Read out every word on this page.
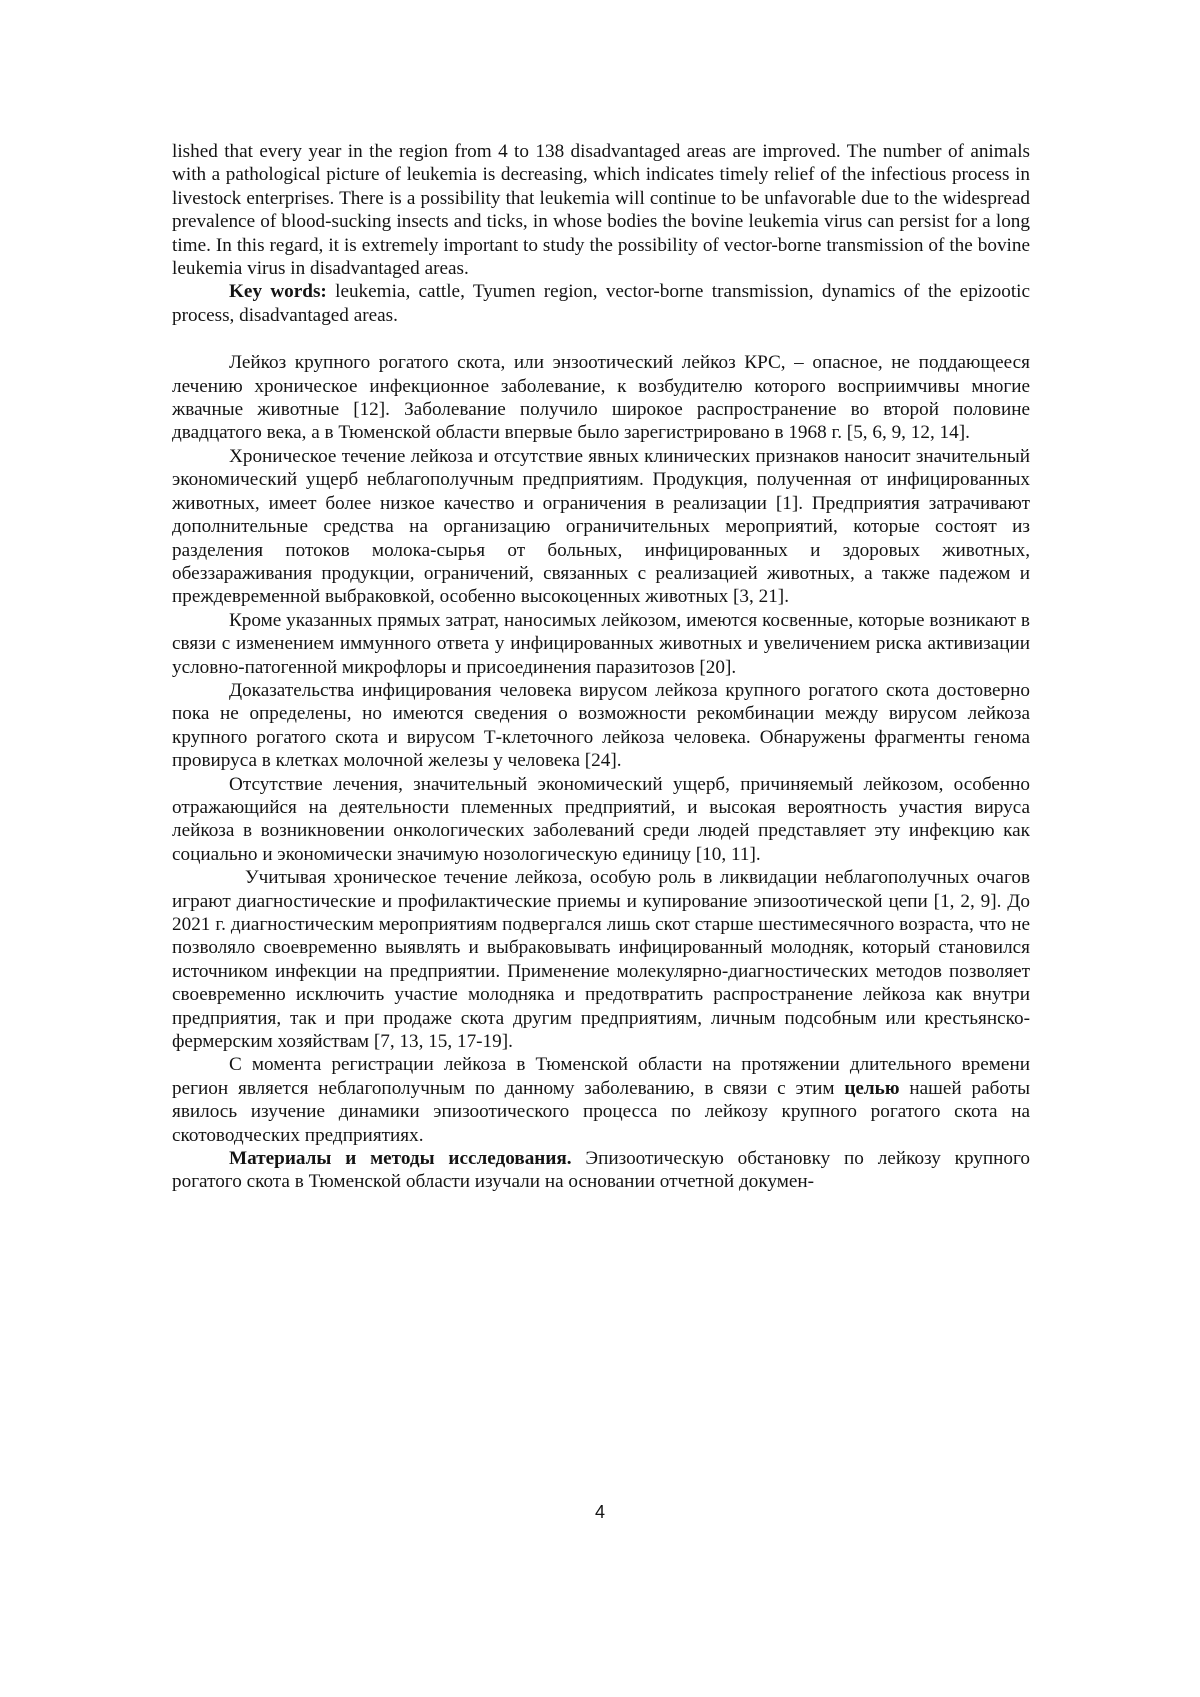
lished that every year in the region from 4 to 138 disadvantaged areas are improved. The number of animals with a pathological picture of leukemia is decreasing, which indicates timely relief of the infectious process in livestock enterprises. There is a possibility that leukemia will continue to be unfavorable due to the widespread prevalence of blood-sucking insects and ticks, in whose bodies the bovine leukemia virus can persist for a long time. In this regard, it is extremely important to study the possibility of vector-borne transmission of the bovine leukemia virus in disadvantaged areas.

Key words: leukemia, cattle, Tyumen region, vector-borne transmission, dynamics of the epizootic process, disadvantaged areas.

Лейкоз крупного рогатого скота, или энзоотический лейкоз КРС, – опасное, не поддающееся лечению хроническое инфекционное заболевание, к возбудителю которого восприимчивы многие жвачные животные [12]. Заболевание получило широкое распространение во второй половине двадцатого века, а в Тюменской области впервые было зарегистрировано в 1968 г. [5, 6, 9, 12, 14].

Хроническое течение лейкоза и отсутствие явных клинических признаков наносит значительный экономический ущерб неблагополучным предприятиям. Продукция, полученная от инфицированных животных, имеет более низкое качество и ограничения в реализации [1]. Предприятия затрачивают дополнительные средства на организацию ограничительных мероприятий, которые состоят из разделения потоков молока-сырья от больных, инфицированных и здоровых животных, обеззараживания продукции, ограничений, связанных с реализацией животных, а также падежом и преждевременной выбраковкой, особенно высокоценных животных [3, 21].

Кроме указанных прямых затрат, наносимых лейкозом, имеются косвенные, которые возникают в связи с изменением иммунного ответа у инфицированных животных и увеличением риска активизации условно-патогенной микрофлоры и присоединения паразитозов [20].

Доказательства инфицирования человека вирусом лейкоза крупного рогатого скота достоверно пока не определены, но имеются сведения о возможности рекомбинации между вирусом лейкоза крупного рогатого скота и вирусом Т-клеточного лейкоза человека. Обнаружены фрагменты генома провируса в клетках молочной железы у человека [24].

Отсутствие лечения, значительный экономический ущерб, причиняемый лейкозом, особенно отражающийся на деятельности племенных предприятий, и высокая вероятность участия вируса лейкоза в возникновении онкологических заболеваний среди людей представляет эту инфекцию как социально и экономически значимую нозологическую единицу [10, 11].

Учитывая хроническое течение лейкоза, особую роль в ликвидации неблагополучных очагов играют диагностические и профилактические приемы и купирование эпизоотической цепи [1, 2, 9]. До 2021 г. диагностическим мероприятиям подвергался лишь скот старше шестимесячного возраста, что не позволяло своевременно выявлять и выбраковывать инфицированный молодняк, который становился источником инфекции на предприятии. Применение молекулярно-диагностических методов позволяет своевременно исключить участие молодняка и предотвратить распространение лейкоза как внутри предприятия, так и при продаже скота другим предприятиям, личным подсобным или крестьянско-фермерским хозяйствам [7, 13, 15, 17-19].

С момента регистрации лейкоза в Тюменской области на протяжении длительного времени регион является неблагополучным по данному заболеванию, в связи с этим целью нашей работы явилось изучение динамики эпизоотического процесса по лейкозу крупного рогатого скота на скотоводческих предприятиях.

Материалы и методы исследования. Эпизоотическую обстановку по лейкозу крупного рогатого скота в Тюменской области изучали на основании отчетной докумен-

4
